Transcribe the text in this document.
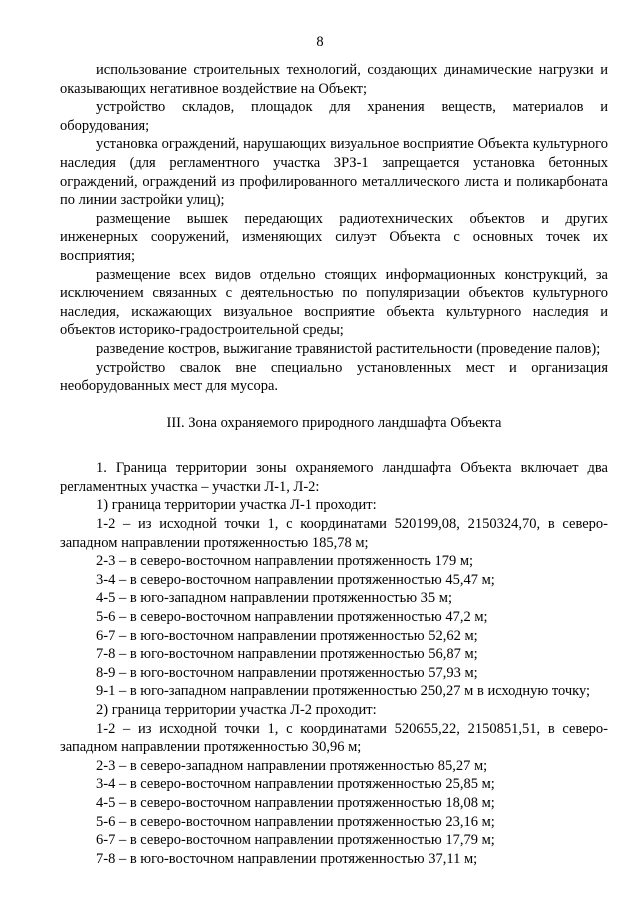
8

использование строительных технологий, создающих динамические нагрузки и оказывающих негативное воздействие на Объект;

устройство складов, площадок для хранения веществ, материалов и оборудования;

установка ограждений, нарушающих визуальное восприятие Объекта культурного наследия (для регламентного участка ЗРЗ-1 запрещается установка бетонных ограждений, ограждений из профилированного металлического листа и поликарбоната по линии застройки улиц);

размещение вышек передающих радиотехнических объектов и других инженерных сооружений, изменяющих силуэт Объекта с основных точек их восприятия;

размещение всех видов отдельно стоящих информационных конструкций, за исключением связанных с деятельностью по популяризации объектов культурного наследия, искажающих визуальное восприятие объекта культурного наследия и объектов историко-градостроительной среды;

разведение костров, выжигание травянистой растительности (проведение палов);

устройство свалок вне специально установленных мест и организация необорудованных мест для мусора.

III. Зона охраняемого природного ландшафта Объекта

1. Граница территории зоны охраняемого ландшафта Объекта включает два регламентных участка – участки Л-1, Л-2:

1) граница территории участка Л-1 проходит:

1-2 – из исходной точки 1, с координатами 520199,08, 2150324,70, в северо-западном направлении протяженностью 185,78 м;
2-3 – в северо-восточном направлении протяженность 179 м;
3-4 – в северо-восточном направлении протяженностью 45,47 м;
4-5 – в юго-западном направлении протяженностью 35 м;
5-6 – в северо-восточном направлении протяженностью 47,2 м;
6-7 – в юго-восточном направлении протяженностью 52,62 м;
7-8 – в юго-восточном направлении протяженностью 56,87 м;
8-9 – в юго-восточном направлении протяженностью 57,93 м;
9-1 – в юго-западном направлении протяженностью 250,27 м в исходную точку;

2) граница территории участка Л-2 проходит:

1-2 – из исходной точки 1, с координатами 520655,22, 2150851,51, в северо-западном направлении протяженностью 30,96 м;
2-3 – в северо-западном направлении протяженностью 85,27 м;
3-4 – в северо-восточном направлении протяженностью 25,85 м;
4-5 – в северо-восточном направлении протяженностью 18,08 м;
5-6 – в северо-восточном направлении протяженностью 23,16 м;
6-7 – в северо-восточном направлении протяженностью 17,79 м;
7-8 – в юго-восточном направлении протяженностью 37,11 м;
